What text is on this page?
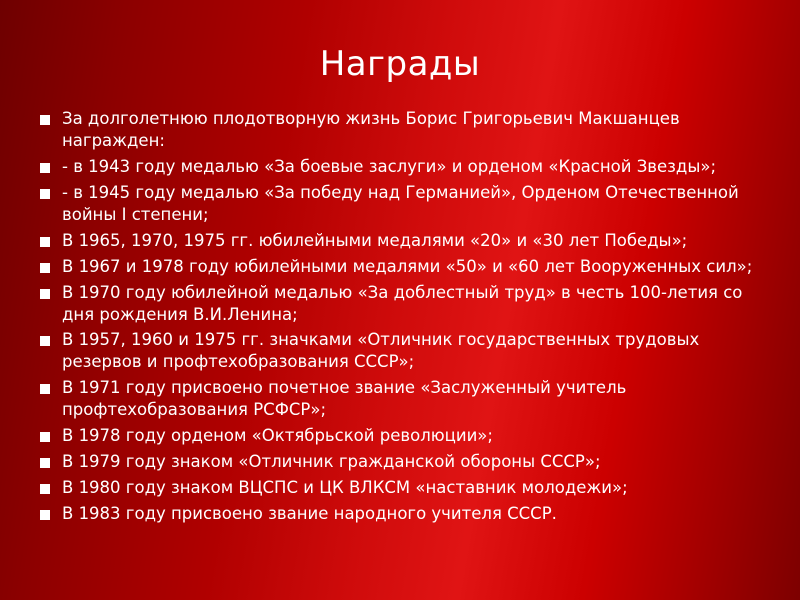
Награды
За долголетнюю плодотворную жизнь Борис Григорьевич Макшанцев награжден:
- в 1943 году медалью «За боевые заслуги» и орденом «Красной Звезды»;
- в 1945 году медалью «За победу над Германией», Орденом Отечественной войны I степени;
В 1965, 1970, 1975 гг. юбилейными медалями «20» и «30 лет Победы»;
В 1967 и 1978 году юбилейными медалями «50» и «60 лет Вооруженных сил»;
В 1970 году юбилейной медалью «За доблестный труд» в честь 100-летия со дня рождения В.И.Ленина;
В 1957, 1960 и 1975 гг. значками «Отличник государственных трудовых резервов и профтехобразования СССР»;
В 1971 году присвоено почетное звание «Заслуженный учитель профтехобразования РСФСР»;
В 1978 году орденом «Октябрьской революции»;
В 1979 году знаком «Отличник гражданской обороны СССР»;
В 1980 году знаком ВЦСПС и ЦК ВЛКСМ «наставник молодежи»;
В 1983 году присвоено звание народного учителя СССР.
